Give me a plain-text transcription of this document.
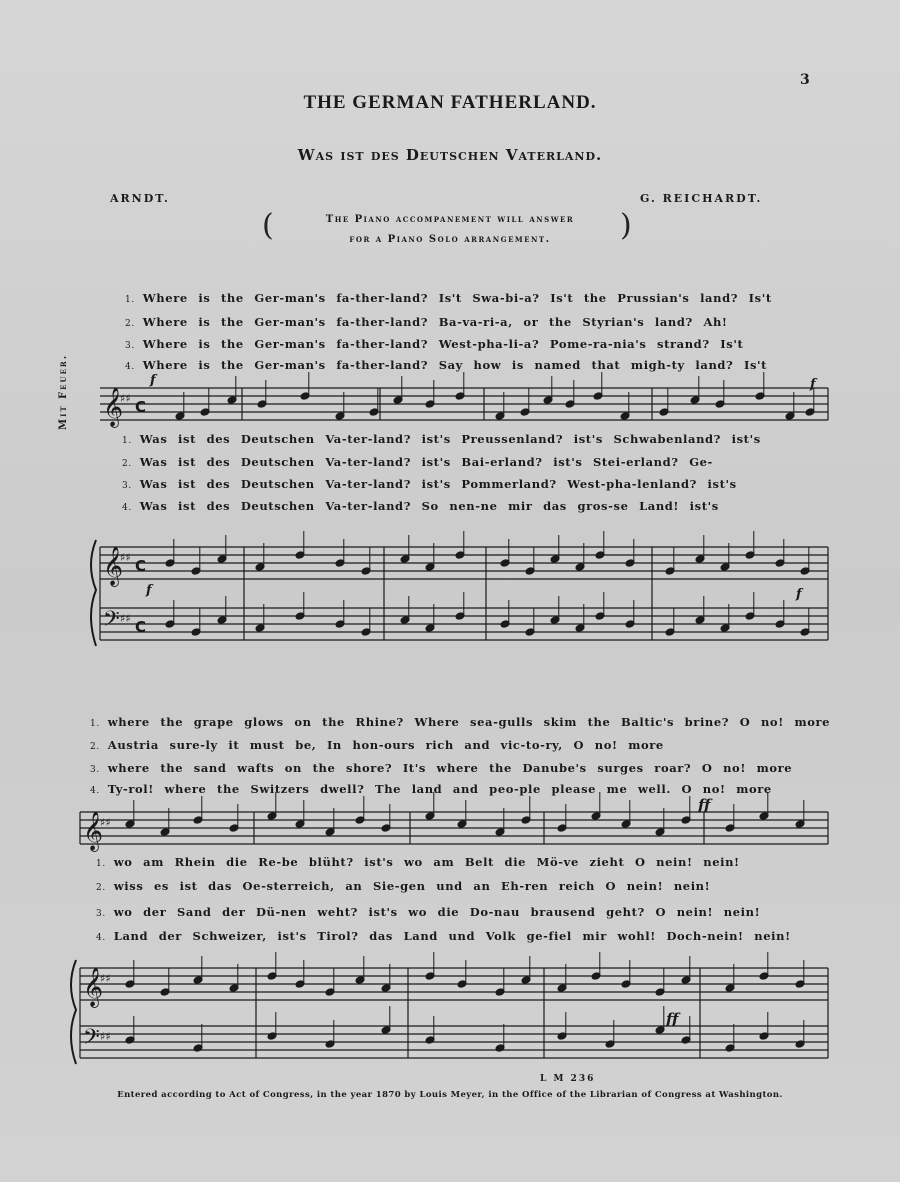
3
THE GERMAN FATHERLAND.
Was ist des Deutschen Vaterland.
ARNDT.	G. REICHARDT.
(	)
The Piano accompanement will answer
for a Piano Solo arrangement.
Mit Feuer.
1. Where is the Ger-man's fa-ther-land? Is't Swa-bi-a? Is't the Prussian's land? Is't
2. Where is the Ger-man's fa-ther-land? Ba-va-ri-a, or the Styrian's land? Ah!
3. Where is the Ger-man's fa-ther-land? West-pha-li-a? Pome-ra-nia's strand? Is't
4. Where is the Ger-man's fa-ther-land? Say how is named that migh-ty land? Is't
1. Was ist des Deutschen Va-ter-land? ist's Preussenland? ist's Schwabenland? ist's
2. Was ist des Deutschen Va-ter-land? ist's Bai-erland? ist's Stei-erland? Ge-
3. Was ist des Deutschen Va-ter-land? ist's Pommerland? West-pha-lenland? ist's
4. Was ist des Deutschen Va-ter-land? So nen-ne mir das gros-se Land! ist's
1. where the grape glows on the Rhine? Where sea-gulls skim the Baltic's brine? O no! more
2. Austria sure-ly it must be, In hon-ours rich and vic-to-ry, O no! more
3. where the sand wafts on the shore? It's where the Danube's surges roar? O no! more
4. Ty-rol! where the Switzers dwell? The land and peo-ple please me well. O no! more
1. wo am Rhein die Re-be blüht? ist's wo am Belt die Mö-ve zieht O nein! nein!
2. wiss es ist das Oe-sterreich, an Sie-gen und an Eh-ren reich O nein! nein!
3. wo der Sand der Dü-nen weht? ist's wo die Do-nau brausend geht? O nein! nein!
4. Land der Schweizer, ist's Tirol? das Land und Volk ge-fiel mir wohl! Doch-nein! nein!
L M 236
Entered according to Act of Congress, in the year 1870 by Louis Meyer, in the Office of the Librarian of Congress at Washington.
𝄞
𝄞
𝄢
𝄞
𝄞
𝄢
C
C
C
♯♯
♯♯
♯♯
♯♯
♯♯
♯♯
f	f
f	f
ff
ff
